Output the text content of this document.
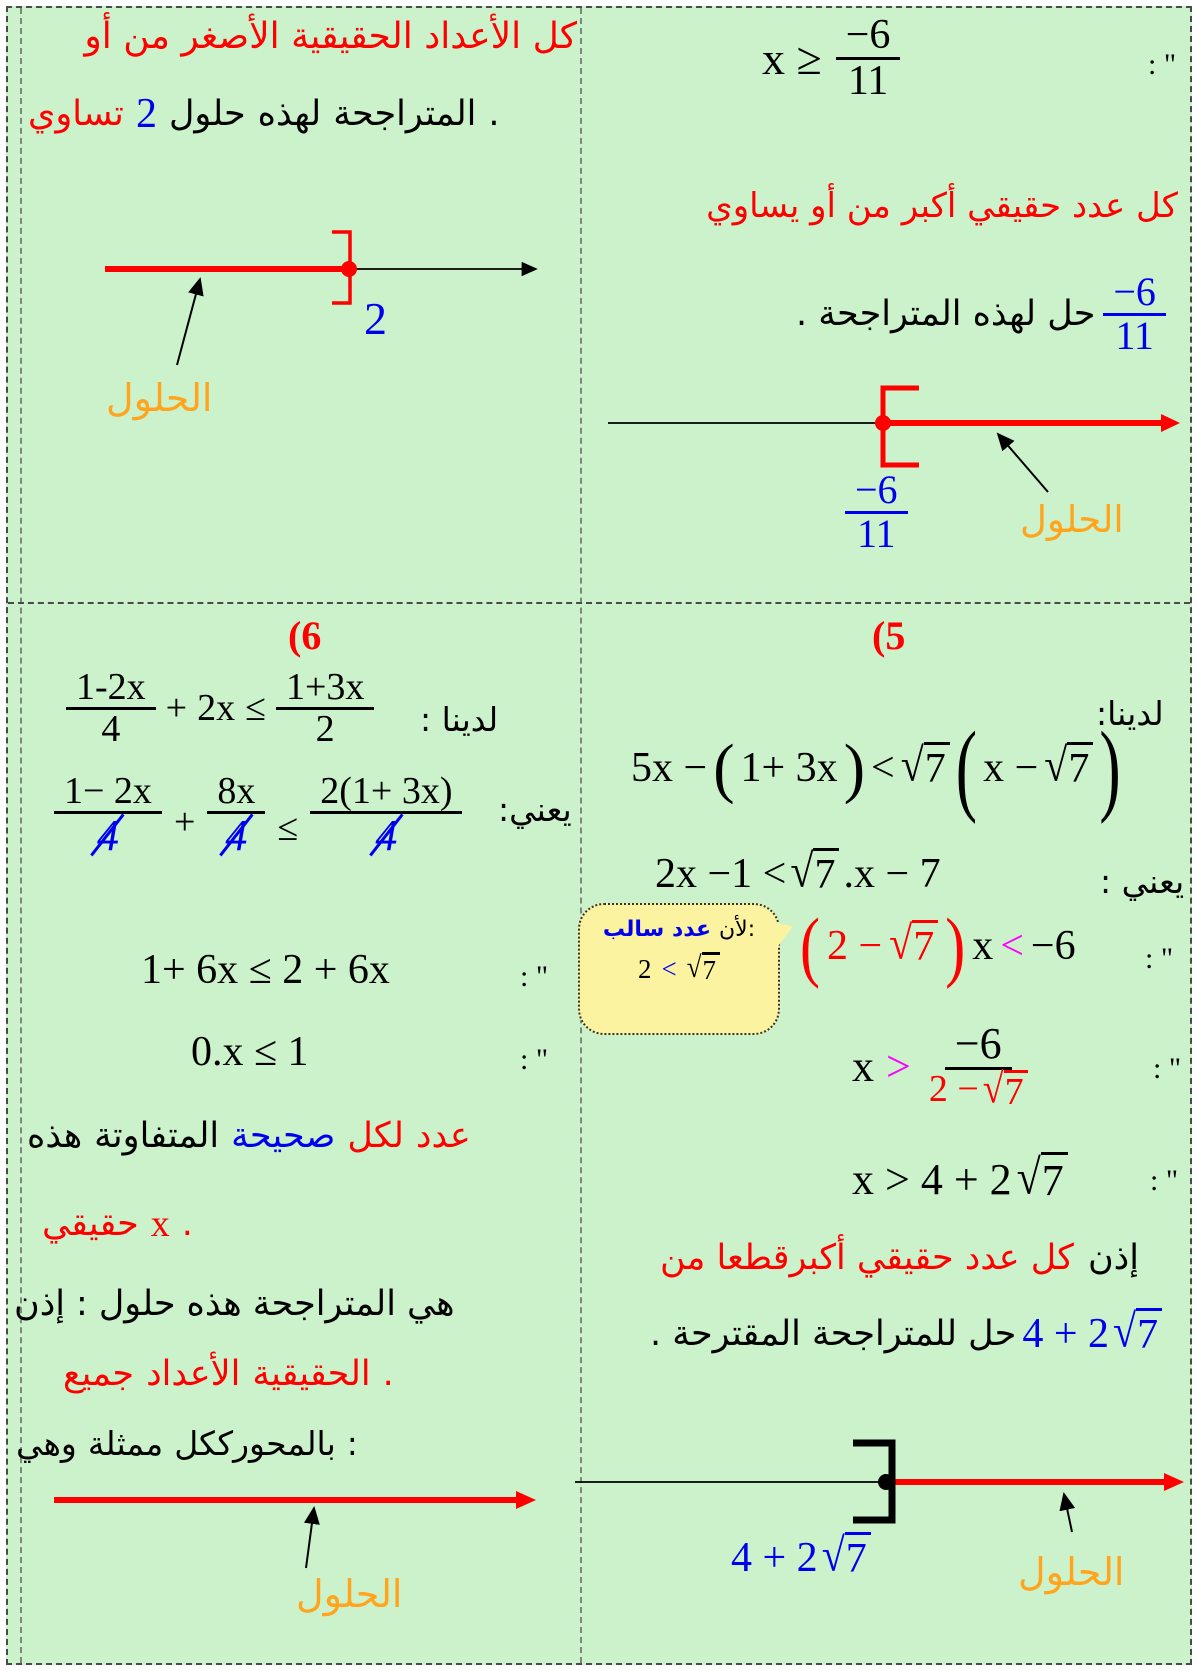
كل الأعداد الحقيقية الأصغر من أو
تساوي 2 حلول لهذه المتراجحة .
2
الحلول
$x \ge \frac{-6}{11}$	: "
كل عدد حقيقي أكبر من أو يساوي
حل لهذه المتراجحة . $\frac{-6}{11}$
$\frac{-6}{11}$	الحلول
(6
لدينا :
$\frac{1-2x}{4} + 2x \le \frac{1+3x}{2}$
يعني:
$\frac{1- 2x}{4} + \frac{8x}{4} \le \frac{2(1+ 3x)}{4}$
1+ 6x ≤ 2 + 6x	: "
0.x ≤ 1	: "
هذه المتفاوتة صحيحة لكل عدد
حقيقي x .
إذن : حلول هذه المتراجحة هي
جميع الأعداد الحقيقية .
وهي ممثلة بالمحورككل :
الحلول
(5
لدينا:
5x − ( 1+ 3x ) < √ 7 ( x − √ 7 )
2x −1 < √ 7 .x − 7	يعني :
عدد سالب لأن:
2 < √ 7 ( 2 − √ 7 ) x < −6 : "
$x > \frac{-6}{2 - √ 7}$	: "
x > 4 + 2 √ 7	: "
كل عدد حقيقي أكبرقطعا من إذن
حل للمتراجحة المقترحة . 4 + 2 √ 7
4 + 2 √ 7	الحلول
